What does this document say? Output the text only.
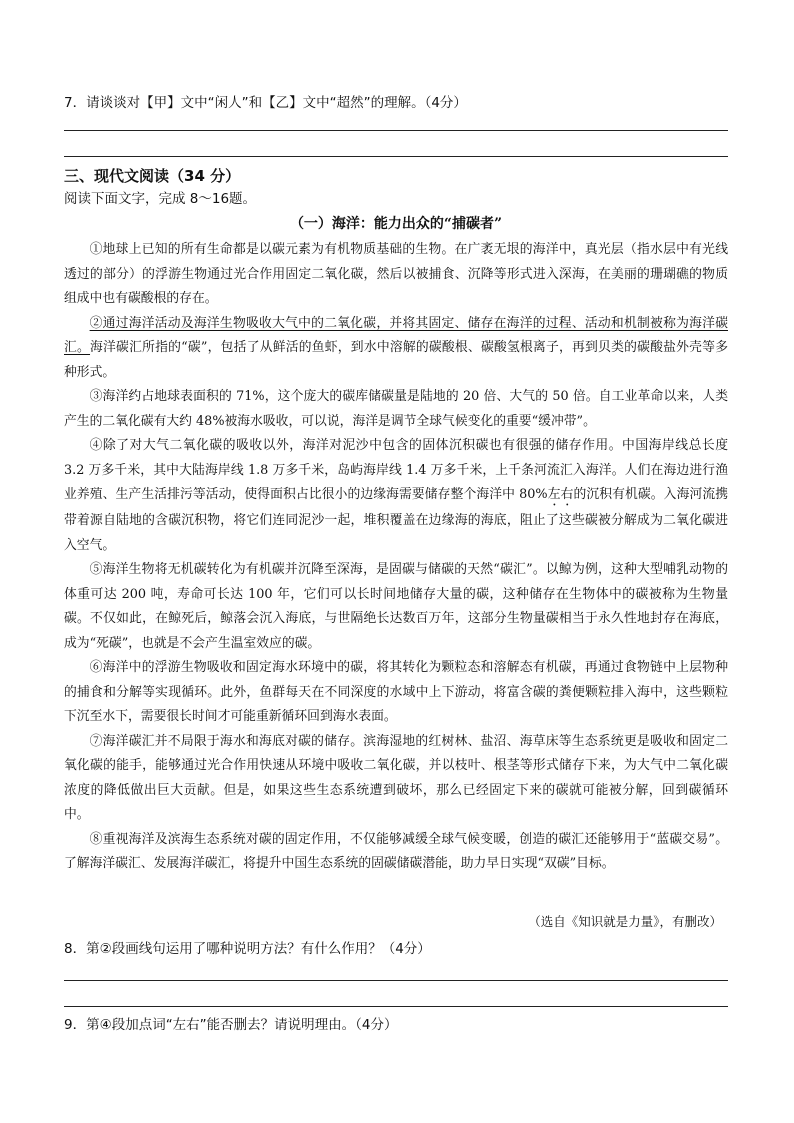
7．请谈谈对【甲】文中“闲人”和【乙】文中“超然”的理解。（4分）
三、现代文阅读（34 分）
阅读下面文字，完成 8～16题。
（一）海洋：能力出众的“捕碳者”

①地球上已知的所有生命都是以碳元素为有机物质基础的生物。在广袤无垠的海洋中，真光层（指水层中有光线透过的部分）的浮游生物通过光合作用固定二氧化碳，然后以被捕食、沉降等形式进入深海，在美丽的珊瑚礁的物质组成中也有碳酸根的存在。

②通过海洋活动及海洋生物吸收大气中的二氧化碳，并将其固定、储存在海洋的过程、活动和机制被称为海洋碳汇。海洋碳汇所指的“碳”，包括了从鲜活的鱼虾，到水中溶解的碳酸根、碳酸氢根离子，再到贝类的碳酸盐外壳等多种形式。

③海洋约占地球表面积的 71%，这个庞大的碳库储碳量是陆地的 20 倍、大气的 50 倍。自工业革命以来，人类产生的二氧化碳有大约 48%被海水吸收，可以说，海洋是调节全球气候变化的重要“缓冲带”。

④除了对大气二氧化碳的吸收以外，海洋对泥沙中包含的固体沉积碳也有很强的储存作用。中国海岸线总长度 3.2 万多千米，其中大陆海岸线 1.8 万多千米，岛屿海岸线 1.4 万多千米，上千条河流汇入海洋。人们在海边进行渔业养殖、生产生活排污等活动，使得面积占比很小的边缘海需要储存整个海洋中 80%左右的沉积有机碳。入海河流携带着源自陆地的含碳沉积物，将它们连同泥沙一起，堆积覆盖在边缘海的海底，阻止了这些碳被分解成为二氧化碳进入空气。

⑤海洋生物将无机碳转化为有机碳并沉降至深海，是固碳与储碳的天然“碳汇”。以鲸为例，这种大型哺乳动物的体重可达 200 吨，寿命可长达 100 年，它们可以长时间地储存大量的碳，这种储存在生物体中的碳被称为生物量碳。不仅如此，在鲸死后，鲸落会沉入海底，与世隔绝长达数百万年，这部分生物量碳相当于永久性地封存在海底，成为“死碳”，也就是不会产生温室效应的碳。

⑥海洋中的浮游生物吸收和固定海水环境中的碳，将其转化为颗粒态和溶解态有机碳，再通过食物链中上层物种的捕食和分解等实现循环。此外，鱼群每天在不同深度的水域中上下游动，将富含碳的粪便颗粒排入海中，这些颗粒下沉至水下，需要很长时间才可能重新循环回到海水表面。

⑦海洋碳汇并不局限于海水和海底对碳的储存。滨海湿地的红树林、盐沼、海草床等生态系统更是吸收和固定二氧化碳的能手，能够通过光合作用快速从环境中吸收二氧化碳，并以枝叶、根茎等形式储存下来，为大气中二氧化碳浓度的降低做出巨大贡献。但是，如果这些生态系统遭到破坏，那么已经固定下来的碳就可能被分解，回到碳循环中。

⑧重视海洋及滨海生态系统对碳的固定作用，不仅能够减缓全球气候变暖，创造的碳汇还能够用于“蓝碳交易”。了解海洋碳汇、发展海洋碳汇，将提升中国生态系统的固碳储碳潜能，助力早日实现“双碳”目标。

（选自《知识就是力量》，有删改）
8．第②段画线句运用了哪种说明方法？有什么作用？（4分）
9．第④段加点词“左右”能否删去？请说明理由。（4分）
